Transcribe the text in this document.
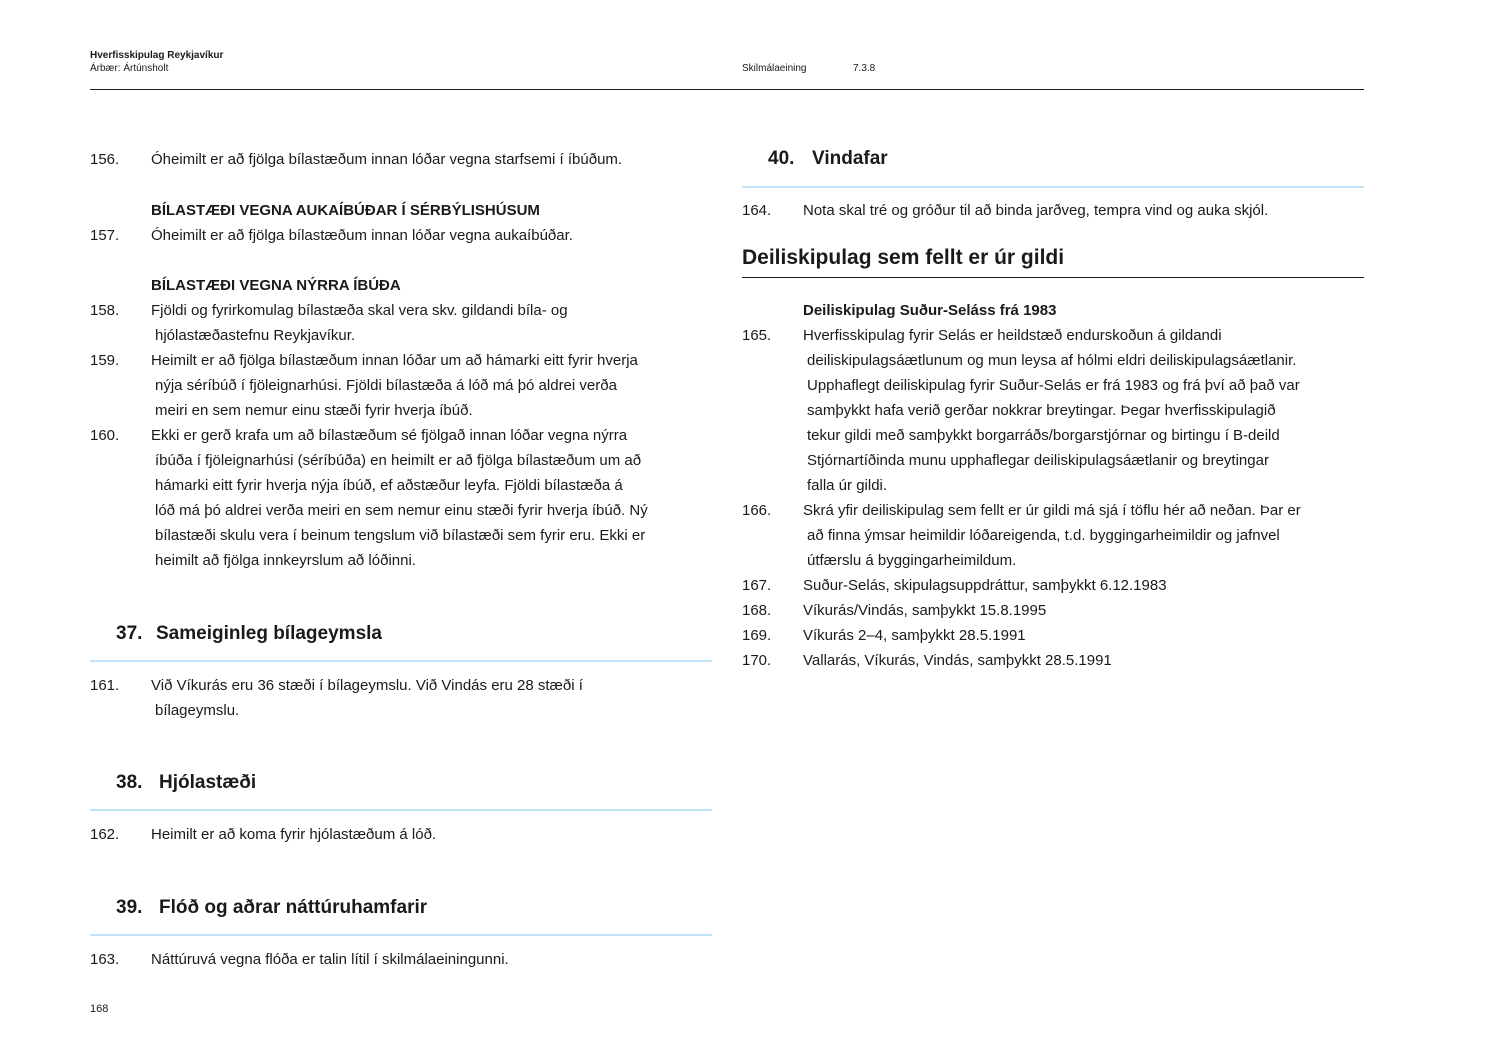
Hverfisskipulag Reykjavíkur
Árbær: Ártúnsholt	Skilmálaeining	7.3.8
156.	Óheimilt er að fjölga bílastæðum innan lóðar vegna starfsemi í íbúðum.
BÍLASTÆÐI VEGNA AUKAÍBÚÐAR Í SÉRBÝLISHÚSUM
157.	Óheimilt er að fjölga bílastæðum innan lóðar vegna aukaíbúðar.
BÍLASTÆÐI VEGNA NÝRRA ÍBÚÐA
158.	Fjöldi og fyrirkomulag bílastæða skal vera skv. gildandi bíla- og
hjólastæðastefnu Reykjavíkur.
159.	Heimilt er að fjölga bílastæðum innan lóðar um að hámarki eitt fyrir hverja
nýja séríbúð í fjöleignarhúsi. Fjöldi bílastæða á lóð má þó aldrei verða
meiri en sem nemur einu stæði fyrir hverja íbúð.
160.	Ekki er gerð krafa um að bílastæðum sé fjölgað innan lóðar vegna nýrra
íbúða í fjöleignarhúsi (séríbúða) en heimilt er að fjölga bílastæðum um að
hámarki eitt fyrir hverja nýja íbúð, ef aðstæður leyfa. Fjöldi bílastæða á
lóð má þó aldrei verða meiri en sem nemur einu stæði fyrir hverja íbúð. Ný
bílastæði skulu vera í beinum tengslum við bílastæði sem fyrir eru. Ekki er
heimilt að fjölga innkeyrslum að lóðinni.
37. Sameiginleg bílageymsla
161.	Við Víkurás eru 36 stæði í bílageymslu. Við Vindás eru 28 stæði í
bílageymslu.
38. Hjólastæði
162.	Heimilt er að koma fyrir hjólastæðum á lóð.
39. Flóð og aðrar náttúruhamfarir
163.	Náttúruvá vegna flóða er talin lítil í skilmálaeiningunni.
40. Vindafar
164.	Nota skal tré og gróður til að binda jarðveg, tempra vind og auka skjól.
Deiliskipulag sem fellt er úr gildi
Deiliskipulag Suður-Seláss frá 1983
165.	Hverfisskipulag fyrir Selás er heildstæð endurskoðun á gildandi
deiliskipulagsáætlunum og mun leysa af hólmi eldri deiliskipulagsáætlanir.
Upphaflegt deiliskipulag fyrir Suður-Selás er frá 1983 og frá því að það var
samþykkt hafa verið gerðar nokkrar breytingar. Þegar hverfisskipulagið
tekur gildi með samþykkt borgarráðs/borgarstjórnar og birtingu í B-deild
Stjórnartíðinda munu upphaflegar deiliskipulagsáætlanir og breytingar
falla úr gildi.
166.	Skrá yfir deiliskipulag sem fellt er úr gildi má sjá í töflu hér að neðan. Þar er
að finna ýmsar heimildir lóðareigenda, t.d. byggingarheimildir og jafnvel
útfærslu á byggingarheimildum.
167.	Suður-Selás, skipulagsuppdráttur, samþykkt 6.12.1983
168.	Víkurás/Vindás, samþykkt 15.8.1995
169.	Víkurás 2–4, samþykkt 28.5.1991
170.	Vallarás, Víkurás, Vindás, samþykkt 28.5.1991
168
